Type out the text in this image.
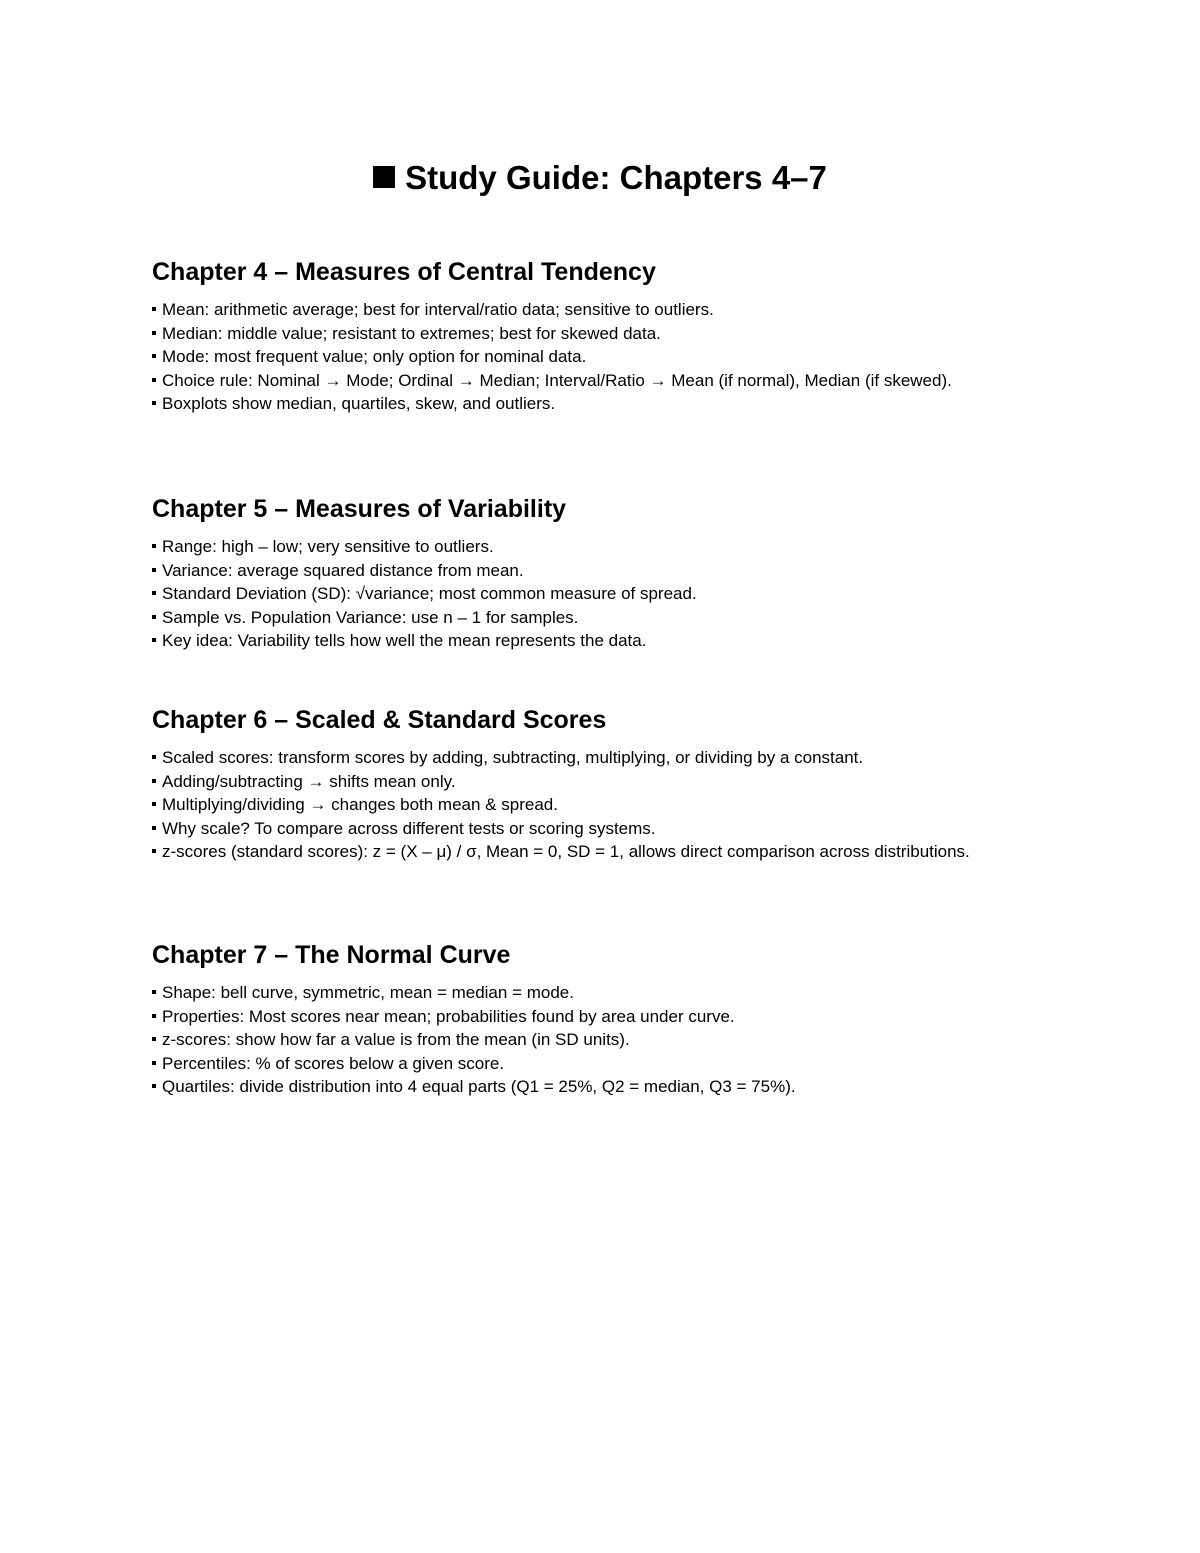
Study Guide: Chapters 4–7
Chapter 4 – Measures of Central Tendency
Mean: arithmetic average; best for interval/ratio data; sensitive to outliers.
Median: middle value; resistant to extremes; best for skewed data.
Mode: most frequent value; only option for nominal data.
Choice rule: Nominal → Mode; Ordinal → Median; Interval/Ratio → Mean (if normal), Median (if skewed).
Boxplots show median, quartiles, skew, and outliers.
Chapter 5 – Measures of Variability
Range: high – low; very sensitive to outliers.
Variance: average squared distance from mean.
Standard Deviation (SD): √variance; most common measure of spread.
Sample vs. Population Variance: use n – 1 for samples.
Key idea: Variability tells how well the mean represents the data.
Chapter 6 – Scaled & Standard Scores
Scaled scores: transform scores by adding, subtracting, multiplying, or dividing by a constant.
Adding/subtracting → shifts mean only.
Multiplying/dividing → changes both mean & spread.
Why scale? To compare across different tests or scoring systems.
z-scores (standard scores): z = (X – μ) / σ, Mean = 0, SD = 1, allows direct comparison across distributions.
Chapter 7 – The Normal Curve
Shape: bell curve, symmetric, mean = median = mode.
Properties: Most scores near mean; probabilities found by area under curve.
z-scores: show how far a value is from the mean (in SD units).
Percentiles: % of scores below a given score.
Quartiles: divide distribution into 4 equal parts (Q1 = 25%, Q2 = median, Q3 = 75%).
